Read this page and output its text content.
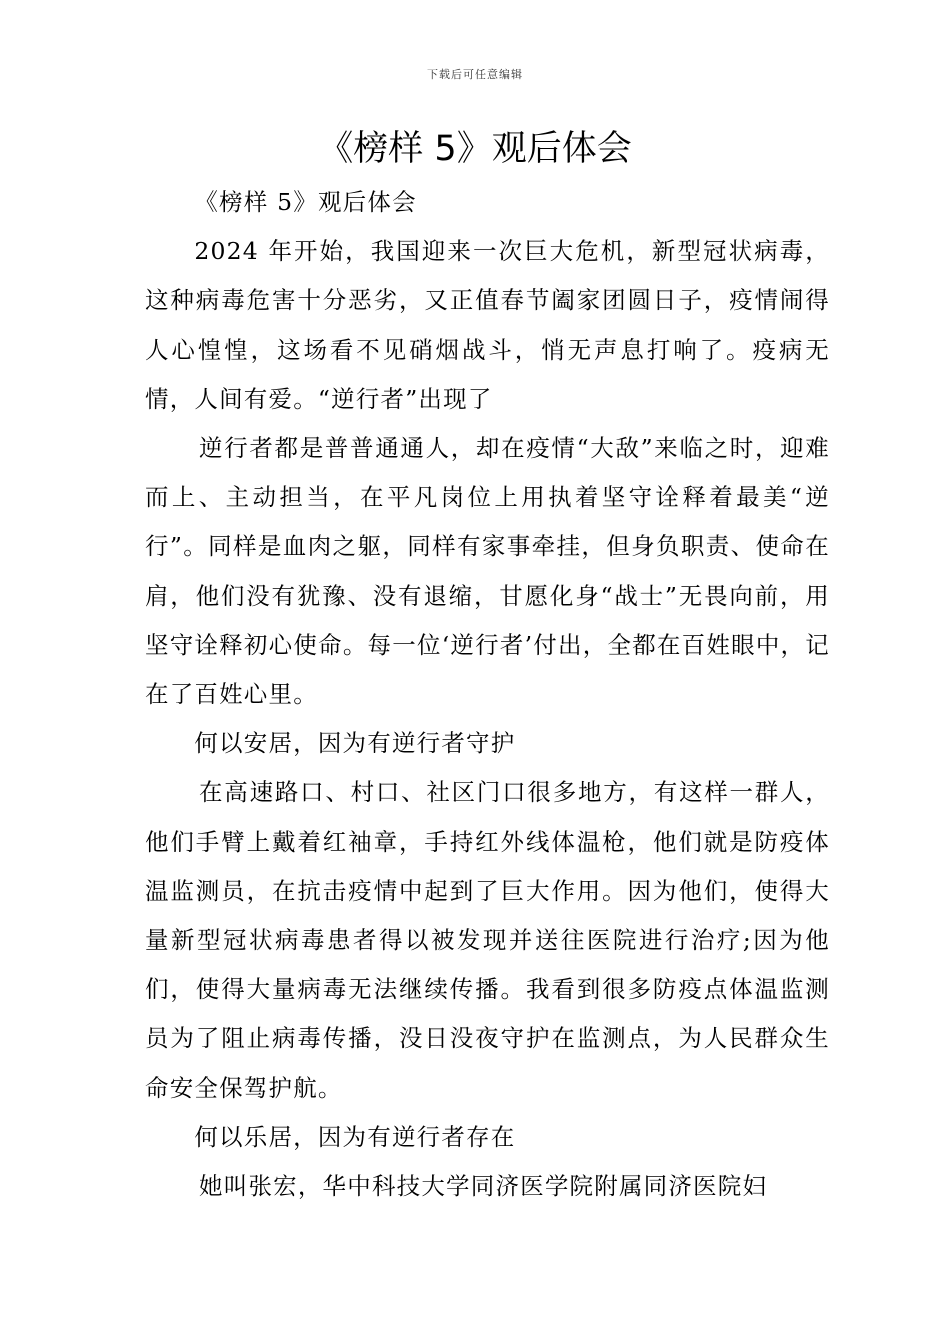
下载后可任意编辑
《榜样 5》观后体会

《榜样 5》观后体会

2024 年开始，我国迎来一次巨大危机，新型冠状病毒，这种病毒危害十分恶劣，又正值春节阖家团圆日子，疫情闹得人心惶惶，这场看不见硝烟战斗，悄无声息打响了。疫病无情，人间有爱。“逆行者”出现了

逆行者都是普普通通人，却在疫情“大敌”来临之时，迎难而上、主动担当，在平凡岗位上用执着坚守诠释着最美“逆行”。同样是血肉之躯，同样有家事牵挂，但身负职责、使命在肩，他们没有犹豫、没有退缩，甘愿化身“战士”无畏向前，用坚守诠释初心使命。每一位‘逆行者’付出，全都在百姓眼中，记在了百姓心里。

何以安居，因为有逆行者守护

在高速路口、村口、社区门口很多地方，有这样一群人，他们手臂上戴着红袖章，手持红外线体温枪，他们就是防疫体温监测员，在抗击疫情中起到了巨大作用。因为他们，使得大量新型冠状病毒患者得以被发现并送往医院进行治疗;因为他们，使得大量病毒无法继续传播。我看到很多防疫点体温监测员为了阻止病毒传播，没日没夜守护在监测点，为人民群众生命安全保驾护航。

何以乐居，因为有逆行者存在

她叫张宏，华中科技大学同济医学院附属同济医院妇
